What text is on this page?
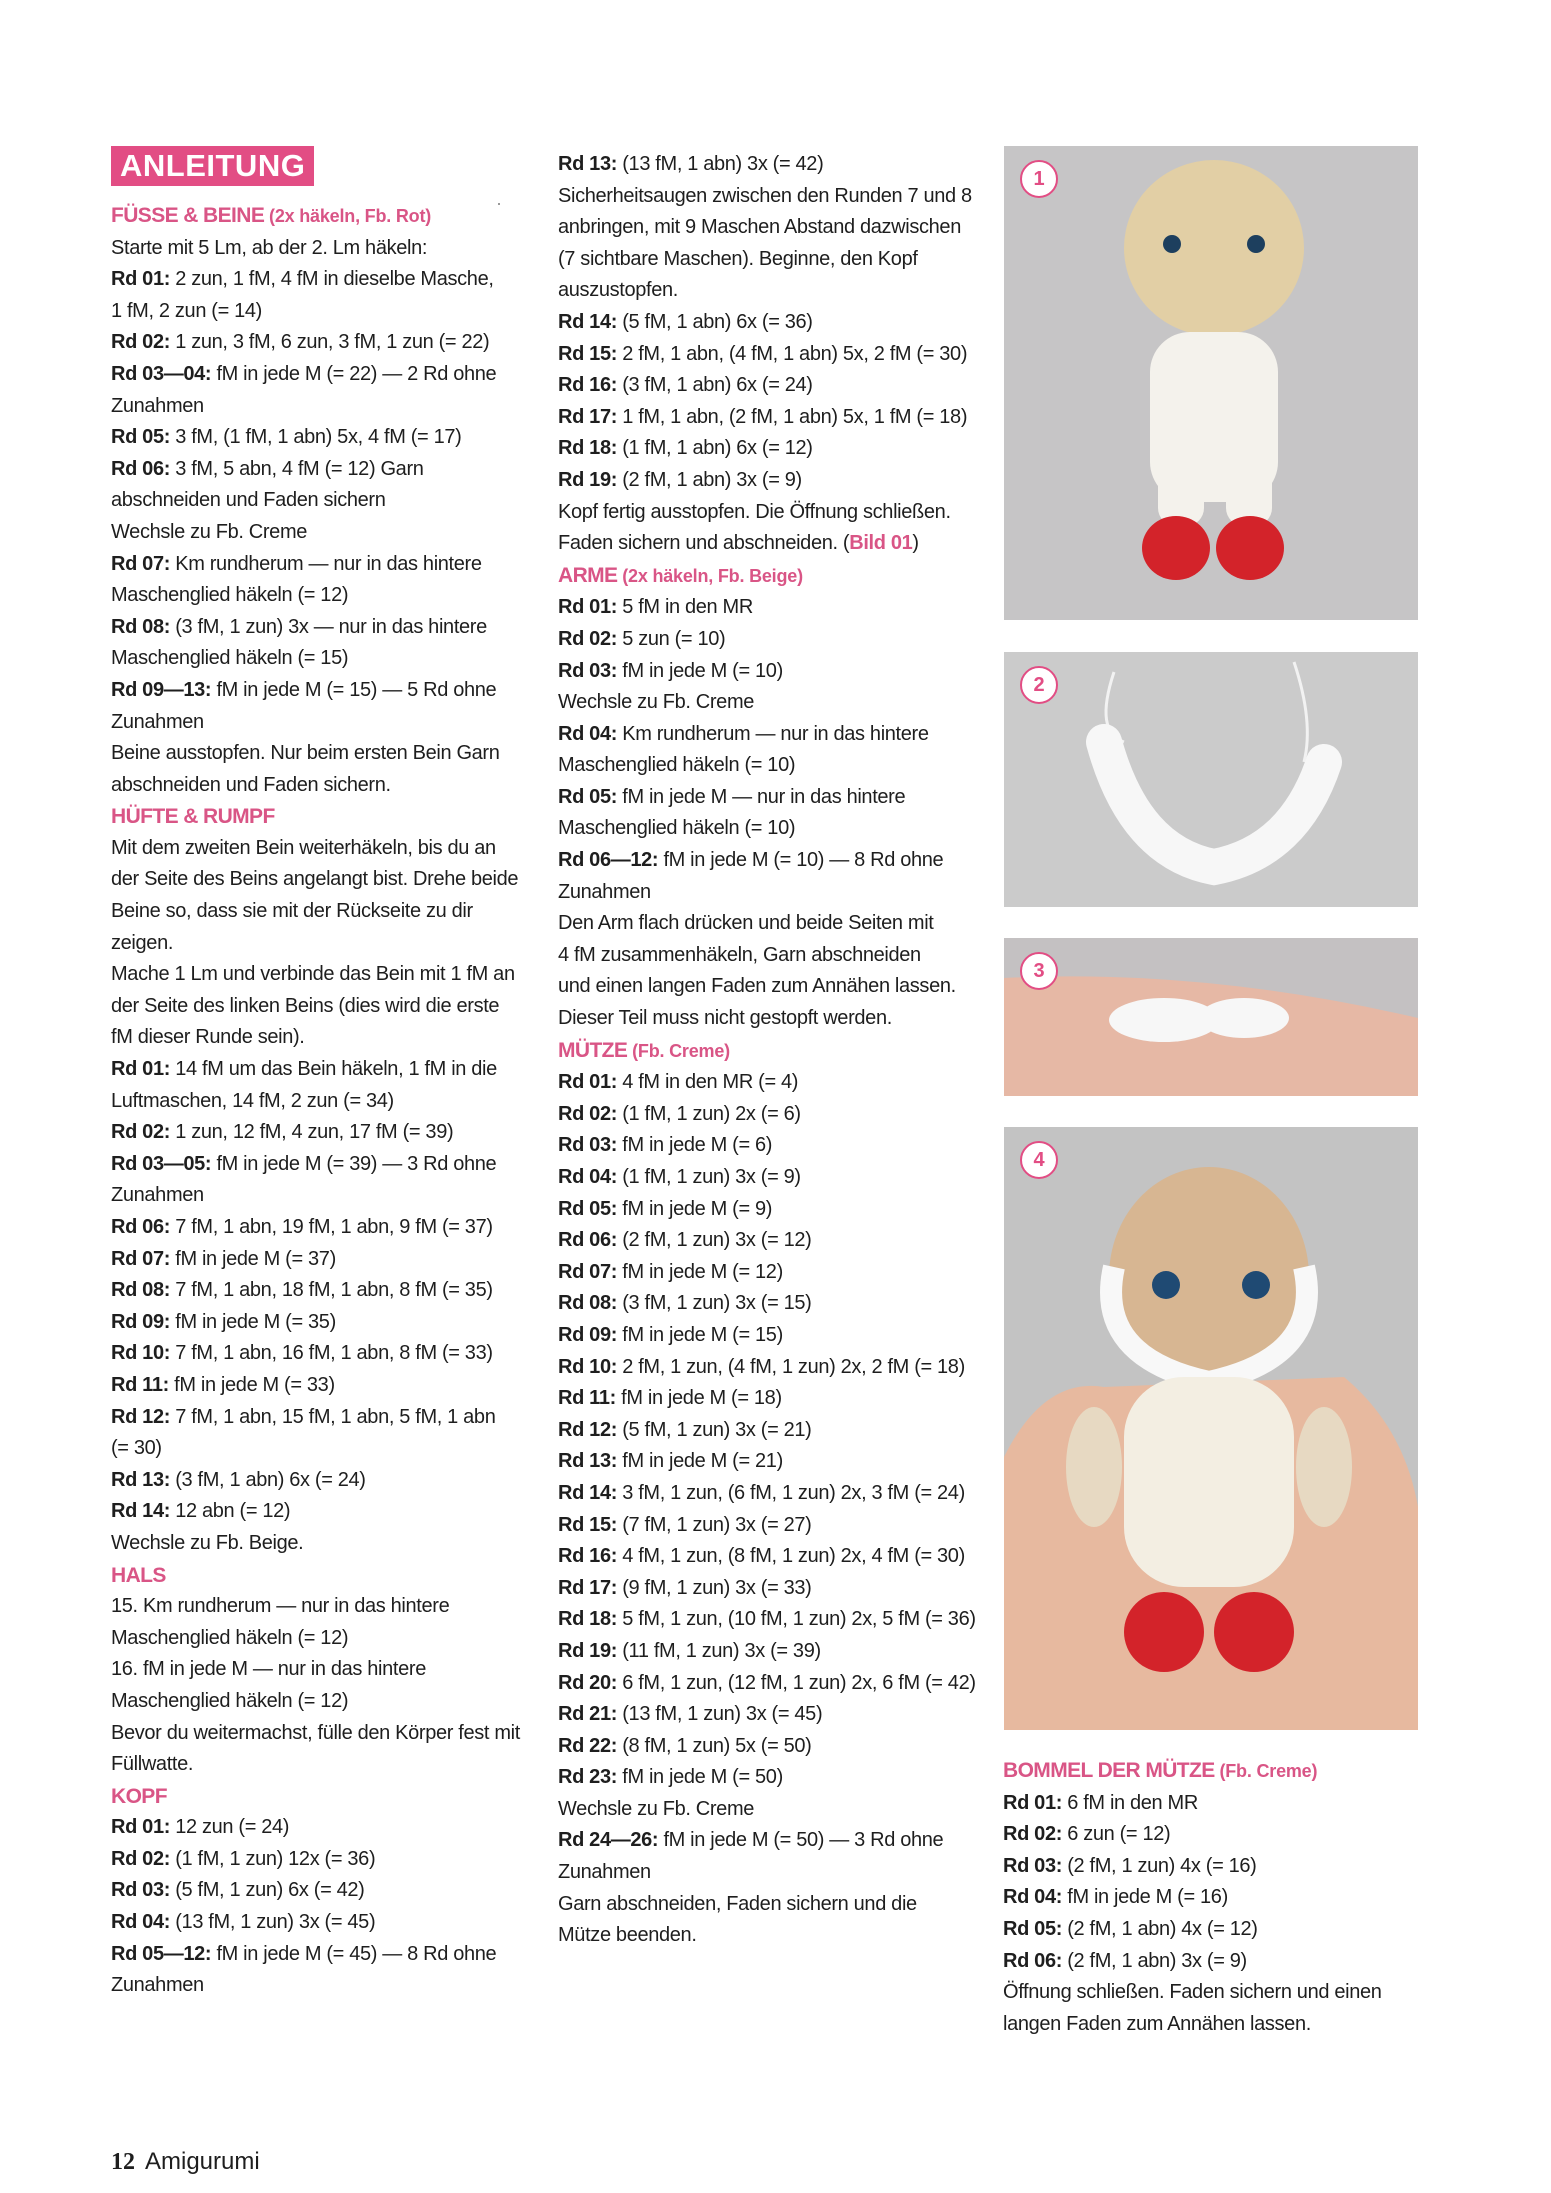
ANLEITUNG
FÜSSE & BEINE (2x häkeln, Fb. Rot)
Starte mit 5 Lm, ab der 2. Lm häkeln:
Rd 01: 2 zun, 1 fM, 4 fM in dieselbe Masche,
1 fM, 2 zun (= 14)
Rd 02: 1 zun, 3 fM, 6 zun, 3 fM, 1 zun (= 22)
Rd 03—04: fM in jede M (= 22) — 2 Rd ohne
Zunahmen
Rd 05: 3 fM, (1 fM, 1 abn) 5x, 4 fM (= 17)
Rd 06: 3 fM, 5 abn, 4 fM (= 12) Garn
abschneiden und Faden sichern
Wechsle zu Fb. Creme
Rd 07: Km rundherum — nur in das hintere
Maschenglied häkeln (= 12)
Rd 08: (3 fM, 1 zun) 3x — nur in das hintere
Maschenglied häkeln (= 15)
Rd 09—13: fM in jede M (= 15) — 5 Rd ohne
Zunahmen
Beine ausstopfen. Nur beim ersten Bein Garn
abschneiden und Faden sichern.
HÜFTE & RUMPF
Mit dem zweiten Bein weiterhäkeln, bis du an
der Seite des Beins angelangt bist. Drehe beide
Beine so, dass sie mit der Rückseite zu dir zeigen.
Mache 1 Lm und verbinde das Bein mit 1 fM an
der Seite des linken Beins (dies wird die erste
fM dieser Runde sein).
Rd 01: 14 fM um das Bein häkeln, 1 fM in die
Luftmaschen, 14 fM, 2 zun (= 34)
Rd 02: 1 zun, 12 fM, 4 zun, 17 fM (= 39)
Rd 03—05: fM in jede M (= 39) — 3 Rd ohne
Zunahmen
Rd 06: 7 fM, 1 abn, 19 fM, 1 abn, 9 fM (= 37)
Rd 07: fM in jede M (= 37)
Rd 08: 7 fM, 1 abn, 18 fM, 1 abn, 8 fM (= 35)
Rd 09: fM in jede M (= 35)
Rd 10: 7 fM, 1 abn, 16 fM, 1 abn, 8 fM (= 33)
Rd 11: fM in jede M (= 33)
Rd 12: 7 fM, 1 abn, 15 fM, 1 abn, 5 fM, 1 abn
(= 30)
Rd 13: (3 fM, 1 abn) 6x (= 24)
Rd 14: 12 abn (= 12)
Wechsle zu Fb. Beige.
HALS
15. Km rundherum — nur in das hintere
Maschenglied häkeln (= 12)
16. fM in jede M — nur in das hintere
Maschenglied häkeln (= 12)
Bevor du weitermachst, fülle den Körper fest mit
Füllwatte.
KOPF
Rd 01: 12 zun (= 24)
Rd 02: (1 fM, 1 zun) 12x (= 36)
Rd 03: (5 fM, 1 zun) 6x (= 42)
Rd 04: (13 fM, 1 zun) 3x (= 45)
Rd 05—12: fM in jede M (= 45) — 8 Rd ohne
Zunahmen
Rd 13: (13 fM, 1 abn) 3x (= 42)
Sicherheitsaugen zwischen den Runden 7 und 8
anbringen, mit 9 Maschen Abstand dazwischen
(7 sichtbare Maschen). Beginne, den Kopf
auszustopfen.
Rd 14: (5 fM, 1 abn) 6x (= 36)
Rd 15: 2 fM, 1 abn, (4 fM, 1 abn) 5x, 2 fM (= 30)
Rd 16: (3 fM, 1 abn) 6x (= 24)
Rd 17: 1 fM, 1 abn, (2 fM, 1 abn) 5x, 1 fM (= 18)
Rd 18: (1 fM, 1 abn) 6x (= 12)
Rd 19: (2 fM, 1 abn) 3x (= 9)
Kopf fertig ausstopfen. Die Öffnung schließen.
Faden sichern und abschneiden. (Bild 01)
ARME (2x häkeln, Fb. Beige)
Rd 01: 5 fM in den MR
Rd 02: 5 zun (= 10)
Rd 03: fM in jede M (= 10)
Wechsle zu Fb. Creme
Rd 04: Km rundherum — nur in das hintere
Maschenglied häkeln (= 10)
Rd 05: fM in jede M — nur in das hintere
Maschenglied häkeln (= 10)
Rd 06—12: fM in jede M (= 10) — 8 Rd ohne
Zunahmen
Den Arm flach drücken und beide Seiten mit
4 fM zusammenhäkeln, Garn abschneiden
und einen langen Faden zum Annähen lassen.
Dieser Teil muss nicht gestopft werden.
MÜTZE (Fb. Creme)
Rd 01: 4 fM in den MR (= 4)
Rd 02: (1 fM, 1 zun) 2x (= 6)
Rd 03: fM in jede M (= 6)
Rd 04: (1 fM, 1 zun) 3x (= 9)
Rd 05: fM in jede M (= 9)
Rd 06: (2 fM, 1 zun) 3x (= 12)
Rd 07: fM in jede M (= 12)
Rd 08: (3 fM, 1 zun) 3x (= 15)
Rd 09: fM in jede M (= 15)
Rd 10: 2 fM, 1 zun, (4 fM, 1 zun) 2x, 2 fM (= 18)
Rd 11: fM in jede M (= 18)
Rd 12: (5 fM, 1 zun) 3x (= 21)
Rd 13: fM in jede M (= 21)
Rd 14: 3 fM, 1 zun, (6 fM, 1 zun) 2x, 3 fM (= 24)
Rd 15: (7 fM, 1 zun) 3x (= 27)
Rd 16: 4 fM, 1 zun, (8 fM, 1 zun) 2x, 4 fM (= 30)
Rd 17: (9 fM, 1 zun) 3x (= 33)
Rd 18: 5 fM, 1 zun, (10 fM, 1 zun) 2x, 5 fM (= 36)
Rd 19: (11 fM, 1 zun) 3x (= 39)
Rd 20: 6 fM, 1 zun, (12 fM, 1 zun) 2x, 6 fM (= 42)
Rd 21: (13 fM, 1 zun) 3x (= 45)
Rd 22: (8 fM, 1 zun) 5x (= 50)
Rd 23: fM in jede M (= 50)
Wechsle zu Fb. Creme
Rd 24—26: fM in jede M (= 50) — 3 Rd ohne
Zunahmen
Garn abschneiden, Faden sichern und die
Mütze beenden.
BOMMEL DER MÜTZE (Fb. Creme)
Rd 01: 6 fM in den MR
Rd 02: 6 zun (= 12)
Rd 03: (2 fM, 1 zun) 4x (= 16)
Rd 04: fM in jede M (= 16)
Rd 05: (2 fM, 1 abn) 4x (= 12)
Rd 06: (2 fM, 1 abn) 3x (= 9)
Öffnung schließen. Faden sichern und einen
langen Faden zum Annähen lassen.
1
2
3
4
12 Amigurumi
